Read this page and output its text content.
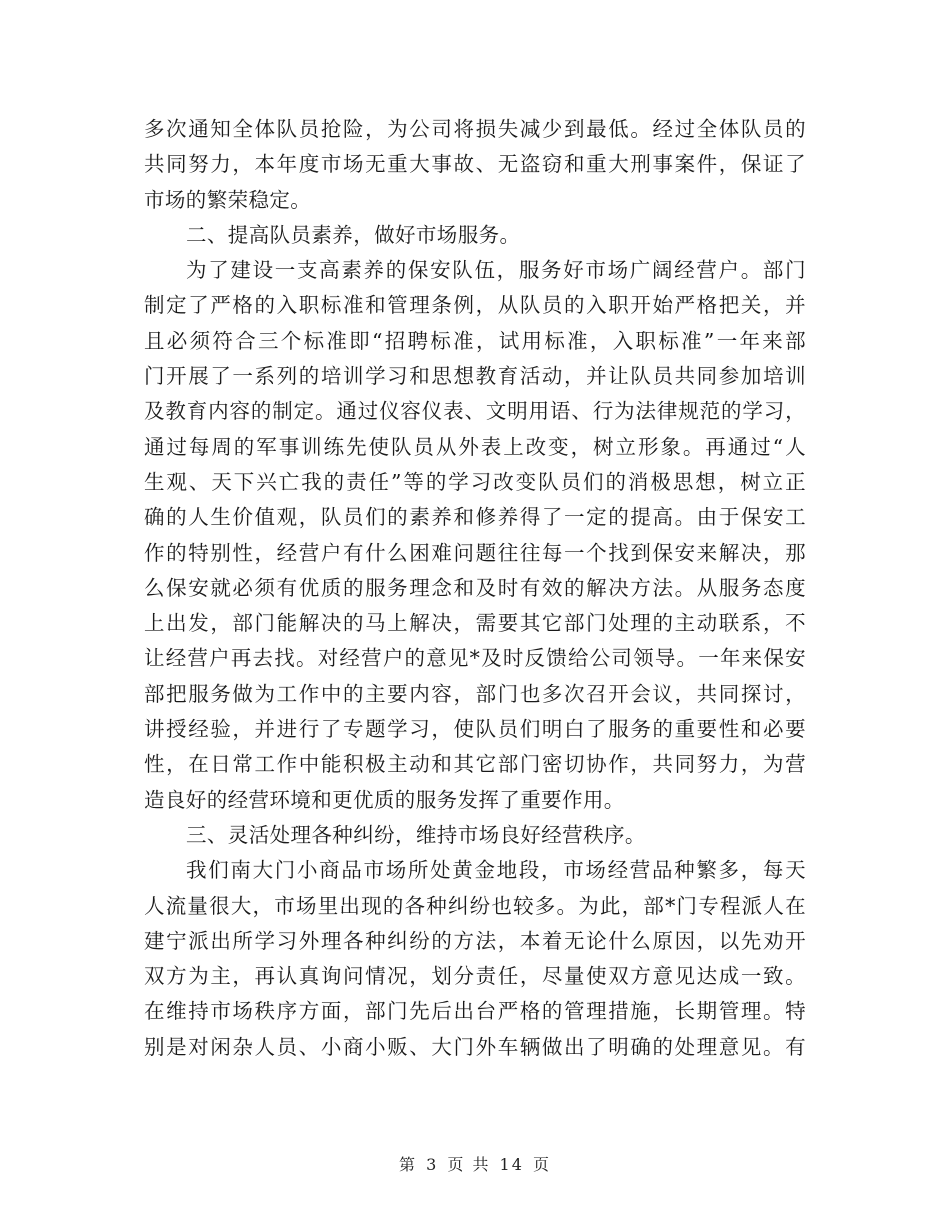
多次通知全体队员抢险，为公司将损失减少到最低。经过全体队员的
共同努力，本年度市场无重大事故、无盗窃和重大刑事案件，保证了
市场的繁荣稳定。
二、提高队员素养，做好市场服务。
为了建设一支高素养的保安队伍，服务好市场广阔经营户。部门
制定了严格的入职标准和管理条例，从队员的入职开始严格把关，并
且必须符合三个标准即“招聘标准，试用标准，入职标准”一年来部
门开展了一系列的培训学习和思想教育活动，并让队员共同参加培训
及教育内容的制定。通过仪容仪表、文明用语、行为法律规范的学习，
通过每周的军事训练先使队员从外表上改变，树立形象。再通过“人
生观、天下兴亡我的责任”等的学习改变队员们的消极思想，树立正
确的人生价值观，队员们的素养和修养得了一定的提高。由于保安工
作的特别性，经营户有什么困难问题往往每一个找到保安来解决，那
么保安就必须有优质的服务理念和及时有效的解决方法。从服务态度
上出发，部门能解决的马上解决，需要其它部门处理的主动联系，不
让经营户再去找。对经营户的意见*及时反馈给公司领导。一年来保安
部把服务做为工作中的主要内容，部门也多次召开会议，共同探讨，
讲授经验，并进行了专题学习，使队员们明白了服务的重要性和必要
性，在日常工作中能积极主动和其它部门密切协作，共同努力，为营
造良好的经营环境和更优质的服务发挥了重要作用。
三、灵活处理各种纠纷，维持市场良好经营秩序。
我们南大门小商品市场所处黄金地段，市场经营品种繁多，每天
人流量很大，市场里出现的各种纠纷也较多。为此，部*门专程派人在
建宁派出所学习外理各种纠纷的方法，本着无论什么原因，以先劝开
双方为主，再认真询问情况，划分责任，尽量使双方意见达成一致。
在维持市场秩序方面，部门先后出台严格的管理措施，长期管理。特
别是对闲杂人员、小商小贩、大门外车辆做出了明确的处理意见。有
第 3 页 共 14 页
